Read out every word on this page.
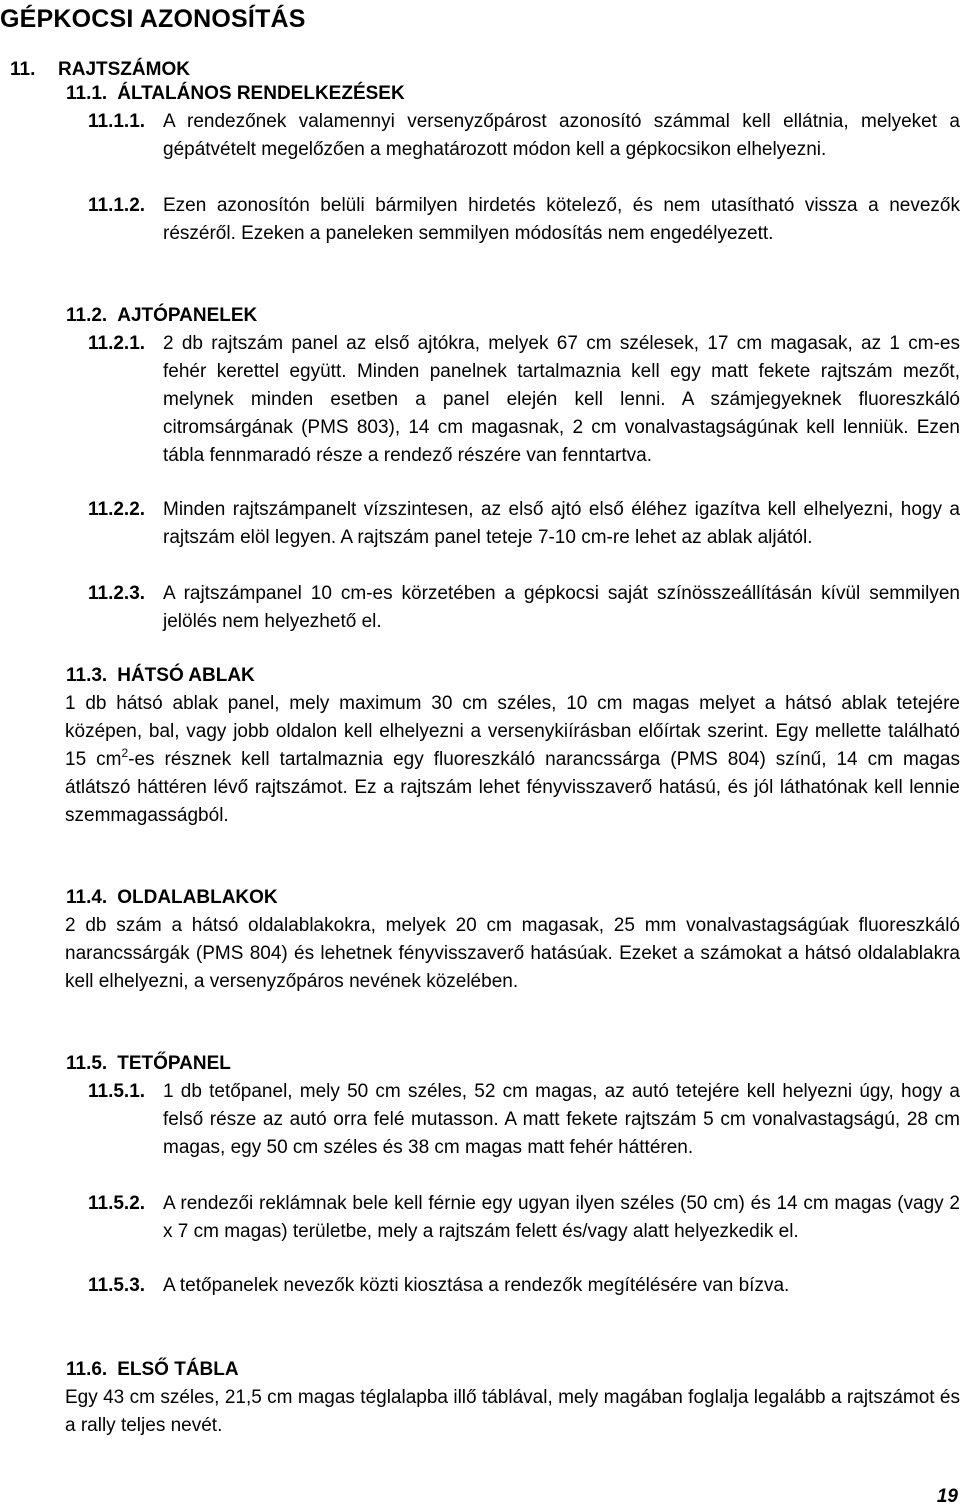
GÉPKOCSI AZONOSÍTÁS
11. RAJTSZÁMOK
11.1. ÁLTALÁNOS RENDELKEZÉSEK
11.1.1. A rendezőnek valamennyi versenyzőpárost azonosító számmal kell ellátnia, melyeket a gépátvételt megelőzően a meghatározott módon kell a gépkocsikon elhelyezni.
11.1.2. Ezen azonosítón belüli bármilyen hirdetés kötelező, és nem utasítható vissza a nevezők részéről. Ezeken a paneleken semmilyen módosítás nem engedélyezett.
11.2. AJTÓPANELEK
11.2.1. 2 db rajtszám panel az első ajtókra, melyek 67 cm szélesek, 17 cm magasak, az 1 cm-es fehér kerettel együtt. Minden panelnek tartalmaznia kell egy matt fekete rajtszám mezőt, melynek minden esetben a panel elején kell lenni. A számjegyeknek fluoreszkáló citromsárgának (PMS 803), 14 cm magasnak, 2 cm vonalvastagságúnak kell lenniük. Ezen tábla fennmaradó része a rendező részére van fenntartva.
11.2.2. Minden rajtszámpanelt vízszintesen, az első ajtó első éléhez igazítva kell elhelyezni, hogy a rajtszám elöl legyen. A rajtszám panel teteje 7-10 cm-re lehet az ablak aljától.
11.2.3. A rajtszámpanel 10 cm-es körzetében a gépkocsi saját színösszeállításán kívül semmilyen jelölés nem helyezhető el.
11.3. HÁTSÓ ABLAK
1 db hátsó ablak panel, mely maximum 30 cm széles, 10 cm magas melyet a hátsó ablak tetejére középen, bal, vagy jobb oldalon kell elhelyezni a versenykiírásban előírtak szerint. Egy mellette található 15 $cm^2-es$ résznek kell tartalmaznia egy fluoreszkáló narancssárga (PMS 804) színű, 14 cm magas átlátszó háttéren lévő rajtszámot. Ez a rajtszám lehet fényvisszaverő hatású, és jól láthatónak kell lennie szemmagasságból.
11.4. OLDALABLAKOK
2 db szám a hátsó oldalablakokra, melyek 20 cm magasak, 25 mm vonalvastagságúak fluoreszkáló narancssárgák (PMS 804) és lehetnek fényvisszaverő hatásúak. Ezeket a számokat a hátsó oldalablakra kell elhelyezni, a versenyzőpáros nevének közelében.
11.5. TETŐPANEL
11.5.1. 1 db tetőpanel, mely 50 cm széles, 52 cm magas, az autó tetejére kell helyezni úgy, hogy a felső része az autó orra felé mutasson. A matt fekete rajtszám 5 cm vonalvastagságú, 28 cm magas, egy 50 cm széles és 38 cm magas matt fehér háttéren.
11.5.2. A rendezői reklámnak bele kell férnie egy ugyan ilyen széles (50 cm) és 14 cm magas (vagy 2 x 7 cm magas) területbe, mely a rajtszám felett és/vagy alatt helyezkedik el.
11.5.3. A tetőpanelek nevezők közti kiosztása a rendezők megítélésére van bízva.
11.6. ELSŐ TÁBLA
Egy 43 cm széles, 21,5 cm magas téglalapba illő táblával, mely magában foglalja legalább a rajtszámot és a rally teljes nevét.
19
